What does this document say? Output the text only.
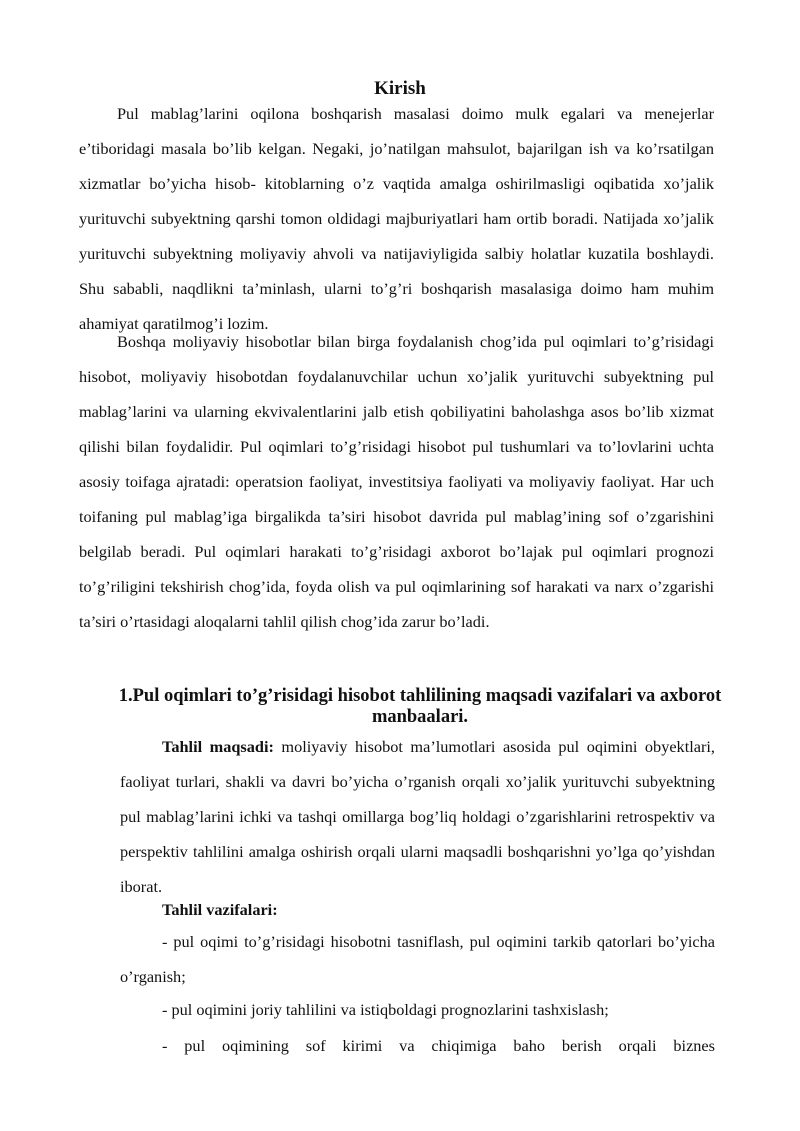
Kirish

Pul mablag’larini oqilona boshqarish masalasi doimo mulk egalari va menejerlar e’tiboridagi masala bo’lib kelgan. Negaki, jo’natilgan mahsulot, bajarilgan ish va ko’rsatilgan xizmatlar bo’yicha hisob- kitoblarning o’z vaqtida amalga oshirilmasligi oqibatida xo’jalik yurituvchi subyektning qarshi tomon oldidagi majburiyatlari ham ortib boradi. Natijada xo’jalik yurituvchi subyektning moliyaviy ahvoli va natijaviyligida salbiy holatlar kuzatila boshlaydi. Shu sababli, naqdlikni ta’minlash, ularni to’g’ri boshqarish masalasiga doimo ham muhim ahamiyat qaratilmog’i lozim.

Boshqa moliyaviy hisobotlar bilan birga foydalanish chog’ida pul oqimlari to’g’risidagi hisobot, moliyaviy hisobotdan foydalanuvchilar uchun xo’jalik yurituvchi subyektning pul mablag’larini va ularning ekvivalentlarini jalb etish qobiliyatini baholashga asos bo’lib xizmat qilishi bilan foydalidir. Pul oqimlari to’g’risidagi hisobot pul tushumlari va to’lovlarini uchta asosiy toifaga ajratadi: operatsion faoliyat, investitsiya faoliyati va moliyaviy faoliyat. Har uch toifaning pul mablag’iga birgalikda ta’siri hisobot davrida pul mablag’ining sof o’zgarishini belgilab beradi. Pul oqimlari harakati to’g’risidagi axborot bo’lajak pul oqimlari prognozi to’g’riligini tekshirish chog’ida, foyda olish va pul oqimlarining sof harakati va narx o’zgarishi ta’siri o’rtasidagi aloqalarni tahlil qilish chog’ida zarur bo’ladi.

1.Pul oqimlari to’g’risidagi hisobot tahlilining maqsadi vazifalari va axborot manbaalari.

Tahlil maqsadi: moliyaviy hisobot ma’lumotlari asosida pul oqimini obyektlari, faoliyat turlari, shakli va davri bo’yicha o’rganish orqali xo’jalik yurituvchi subyektning pul mablag’larini ichki va tashqi omillarga bog’liq holdagi o’zgarishlarini retrospektiv va perspektiv tahlilini amalga oshirish orqali ularni maqsadli boshqarishni yo’lga qo’yishdan iborat.

Tahlil vazifalari:

- pul oqimi to’g’risidagi hisobotni tasniflash, pul oqimini tarkib qatorlari bo’yicha o’rganish;

- pul oqimini joriy tahlilini va istiqboldagi prognozlarini tashxislash;
- pul oqimining sof kirimi va chiqimiga baho berish orqali biznes
